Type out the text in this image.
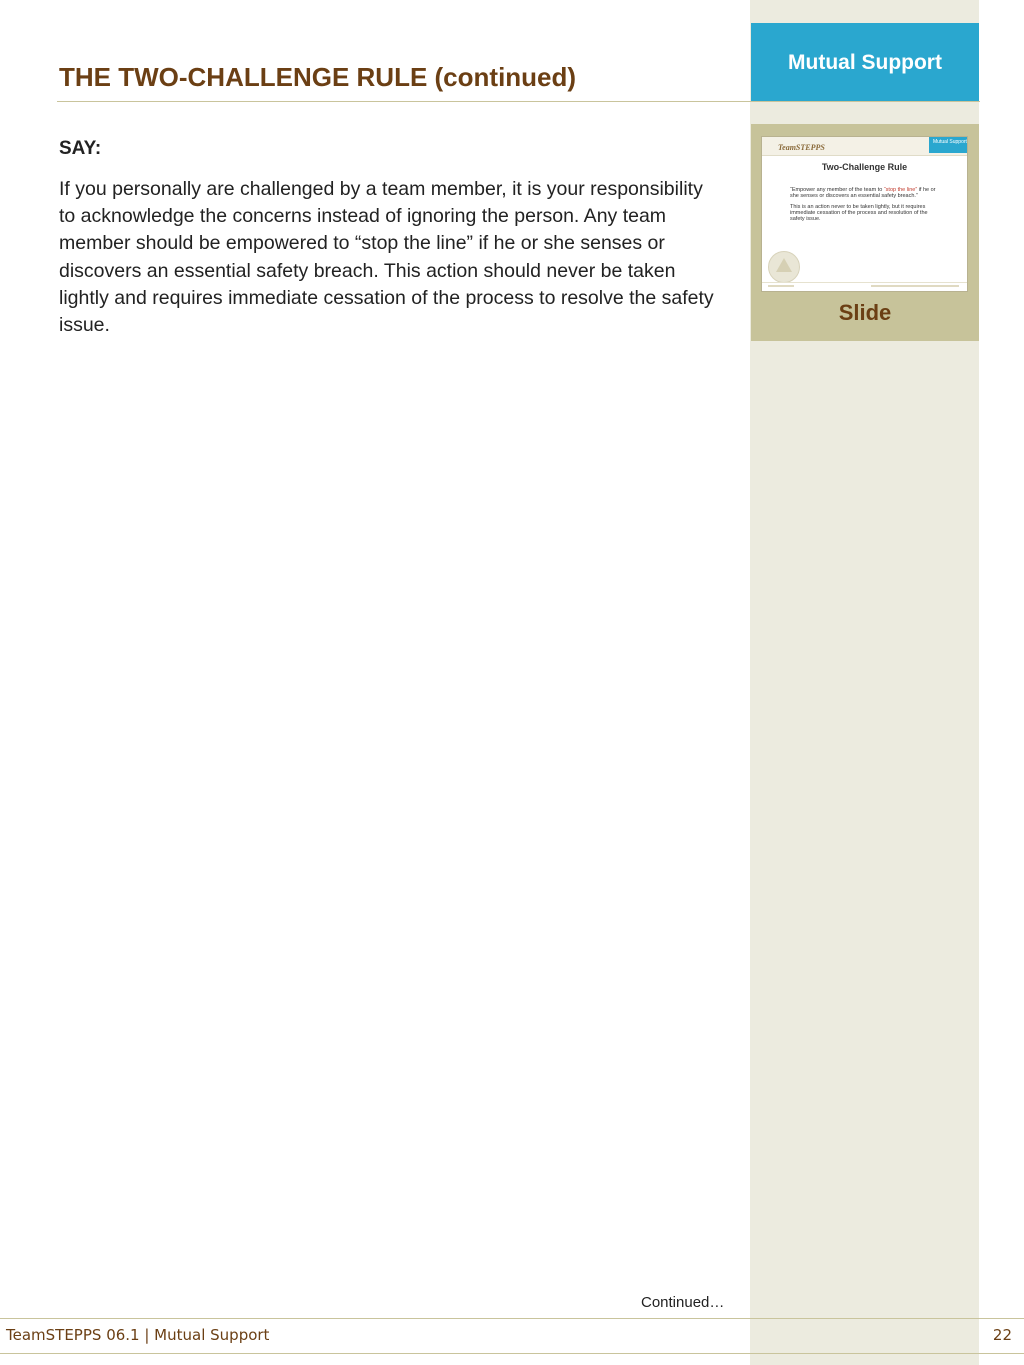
Mutual Support
TeamSTEPPS
Mutual Support
Two-Challenge Rule

“Empower any member of the team to “stop the line” if he or she senses or discovers an essential safety breach.”

This is an action never to be taken lightly, but it requires immediate cessation of the process and resolution of the safety issue.

Slide
THE TWO-CHALLENGE RULE (continued)
SAY:

If you personally are challenged by a team member, it is your responsibility to acknowledge the concerns instead of ignoring the person. Any team member should be empowered to “stop the line” if he or she senses or discovers an essential safety breach. This action should never be taken lightly and requires immediate cessation of the process to resolve the safety issue.

Continued…
TeamSTEPPS 06.1 | Mutual Support	22
